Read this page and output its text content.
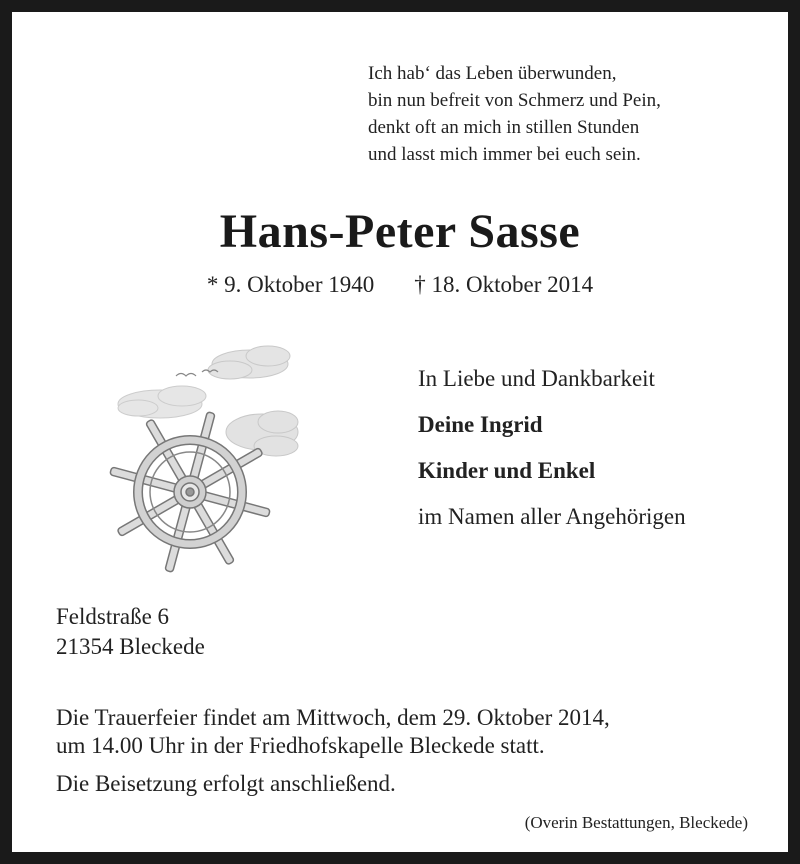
Ich hab‘ das Leben überwunden,
bin nun befreit von Schmerz und Pein,
denkt oft an mich in stillen Stunden
und lasst mich immer bei euch sein.
Hans-Peter Sasse
* 9. Oktober 1940 † 18. Oktober 2014
In Liebe und Dankbarkeit
Deine Ingrid
Kinder und Enkel
im Namen aller Angehörigen
Feldstraße 6
21354 Bleckede
Die Trauerfeier findet am Mittwoch, dem 29. Oktober 2014,
um 14.00 Uhr in der Friedhofskapelle Bleckede statt.
Die Beisetzung erfolgt anschließend.
(Overin Bestattungen, Bleckede)
